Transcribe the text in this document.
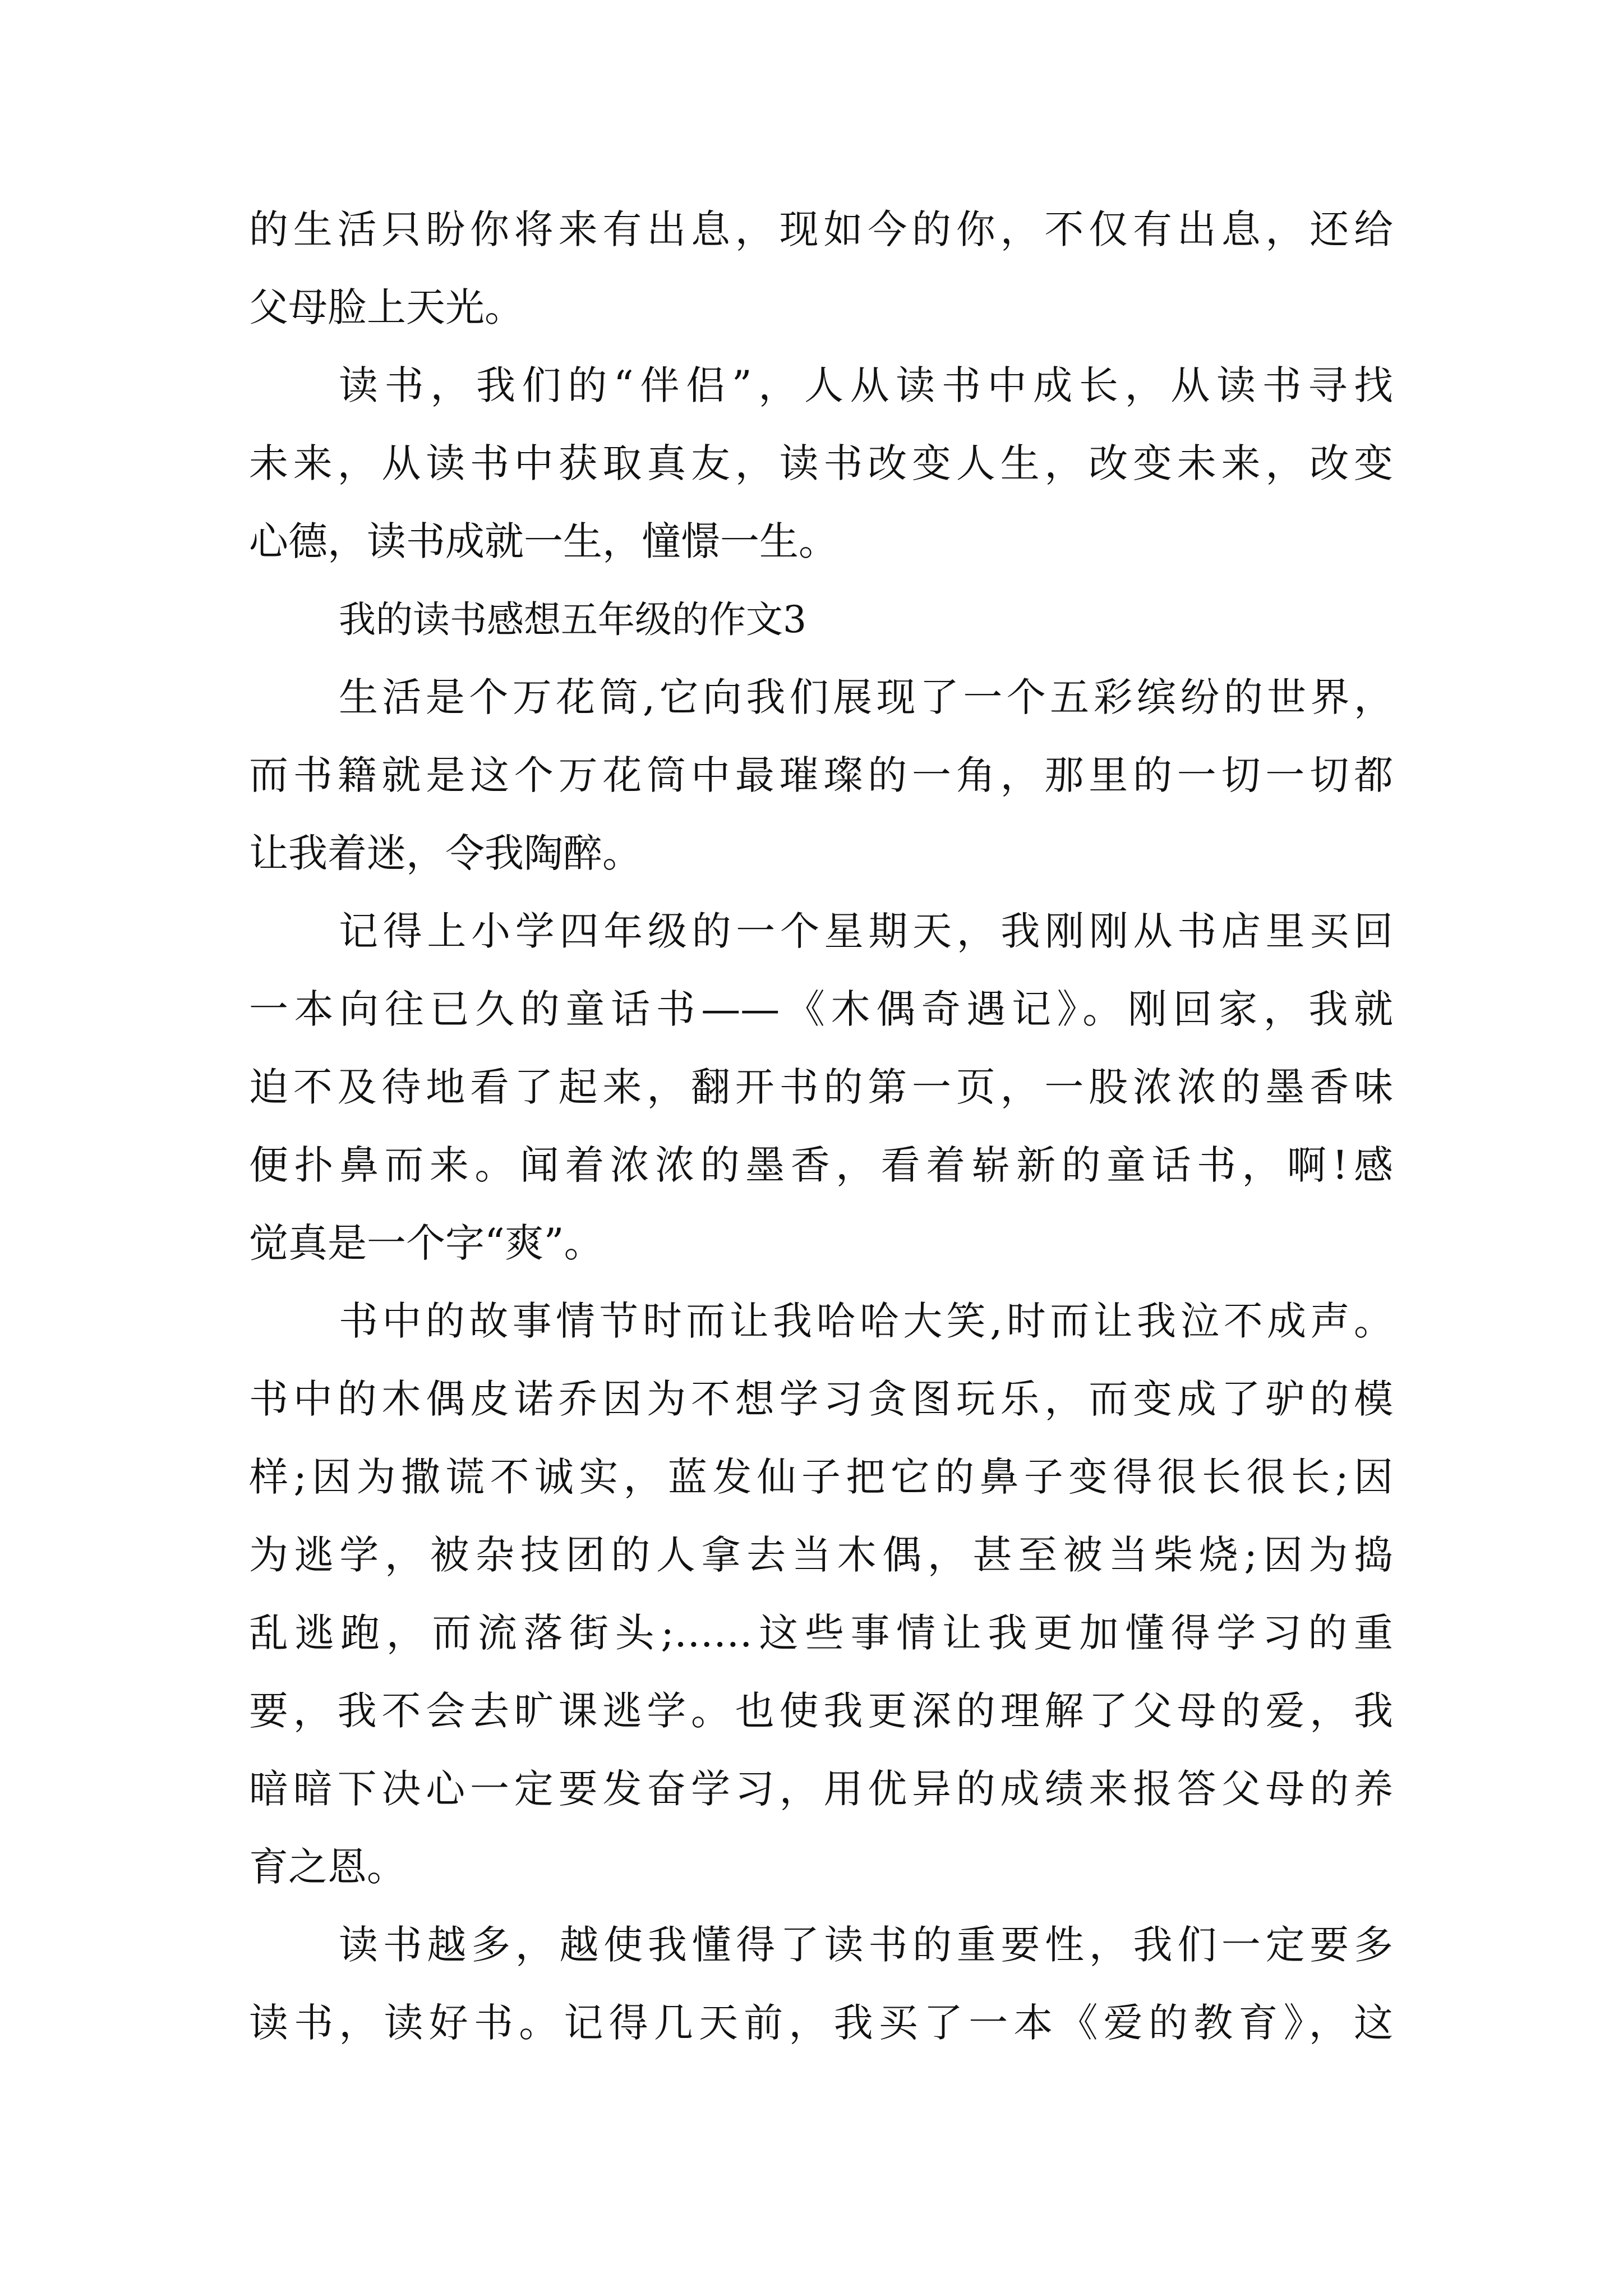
的生活只盼你将来有出息，现如今的你，不仅有出息，还给
父母脸上天光。
读书，我们的“伴侣”，人从读书中成长，从读书寻找
未来，从读书中获取真友，读书改变人生，改变未来，改变
心德，读书成就一生，憧憬一生。
我的读书感想五年级的作文3
生活是个万花筒,它向我们展现了一个五彩缤纷的世界，
而书籍就是这个万花筒中最璀璨的一角，那里的一切一切都
让我着迷，令我陶醉。
记得上小学四年级的一个星期天，我刚刚从书店里买回
一本向往已久的童话书——《木偶奇遇记》。刚回家，我就
迫不及待地看了起来，翻开书的第一页，一股浓浓的墨香味
便扑鼻而来。闻着浓浓的墨香，看着崭新的童话书，啊!感
觉真是一个字“爽”。
书中的故事情节时而让我哈哈大笑,时而让我泣不成声。
书中的木偶皮诺乔因为不想学习贪图玩乐，而变成了驴的模
样;因为撒谎不诚实，蓝发仙子把它的鼻子变得很长很长;因
为逃学，被杂技团的人拿去当木偶，甚至被当柴烧;因为捣
乱逃跑，而流落街头;……这些事情让我更加懂得学习的重
要，我不会去旷课逃学。也使我更深的理解了父母的爱，我
暗暗下决心一定要发奋学习，用优异的成绩来报答父母的养
育之恩。
读书越多，越使我懂得了读书的重要性，我们一定要多
读书，读好书。记得几天前，我买了一本《爱的教育》，这
